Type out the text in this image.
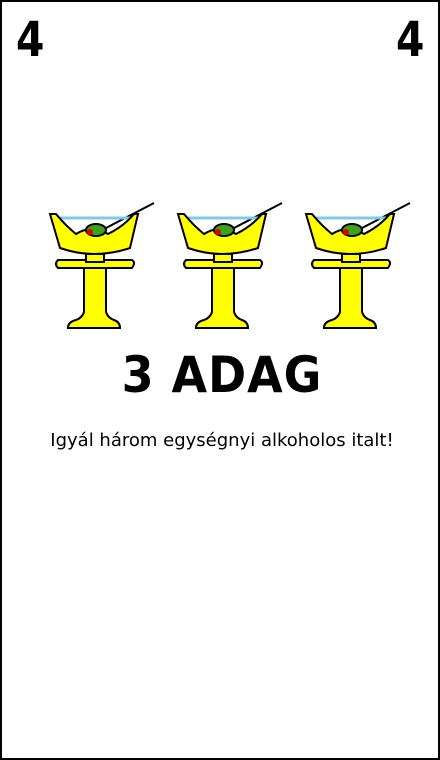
4	4
3 ADAG
Igyál három egységnyi alkoholos italt!
